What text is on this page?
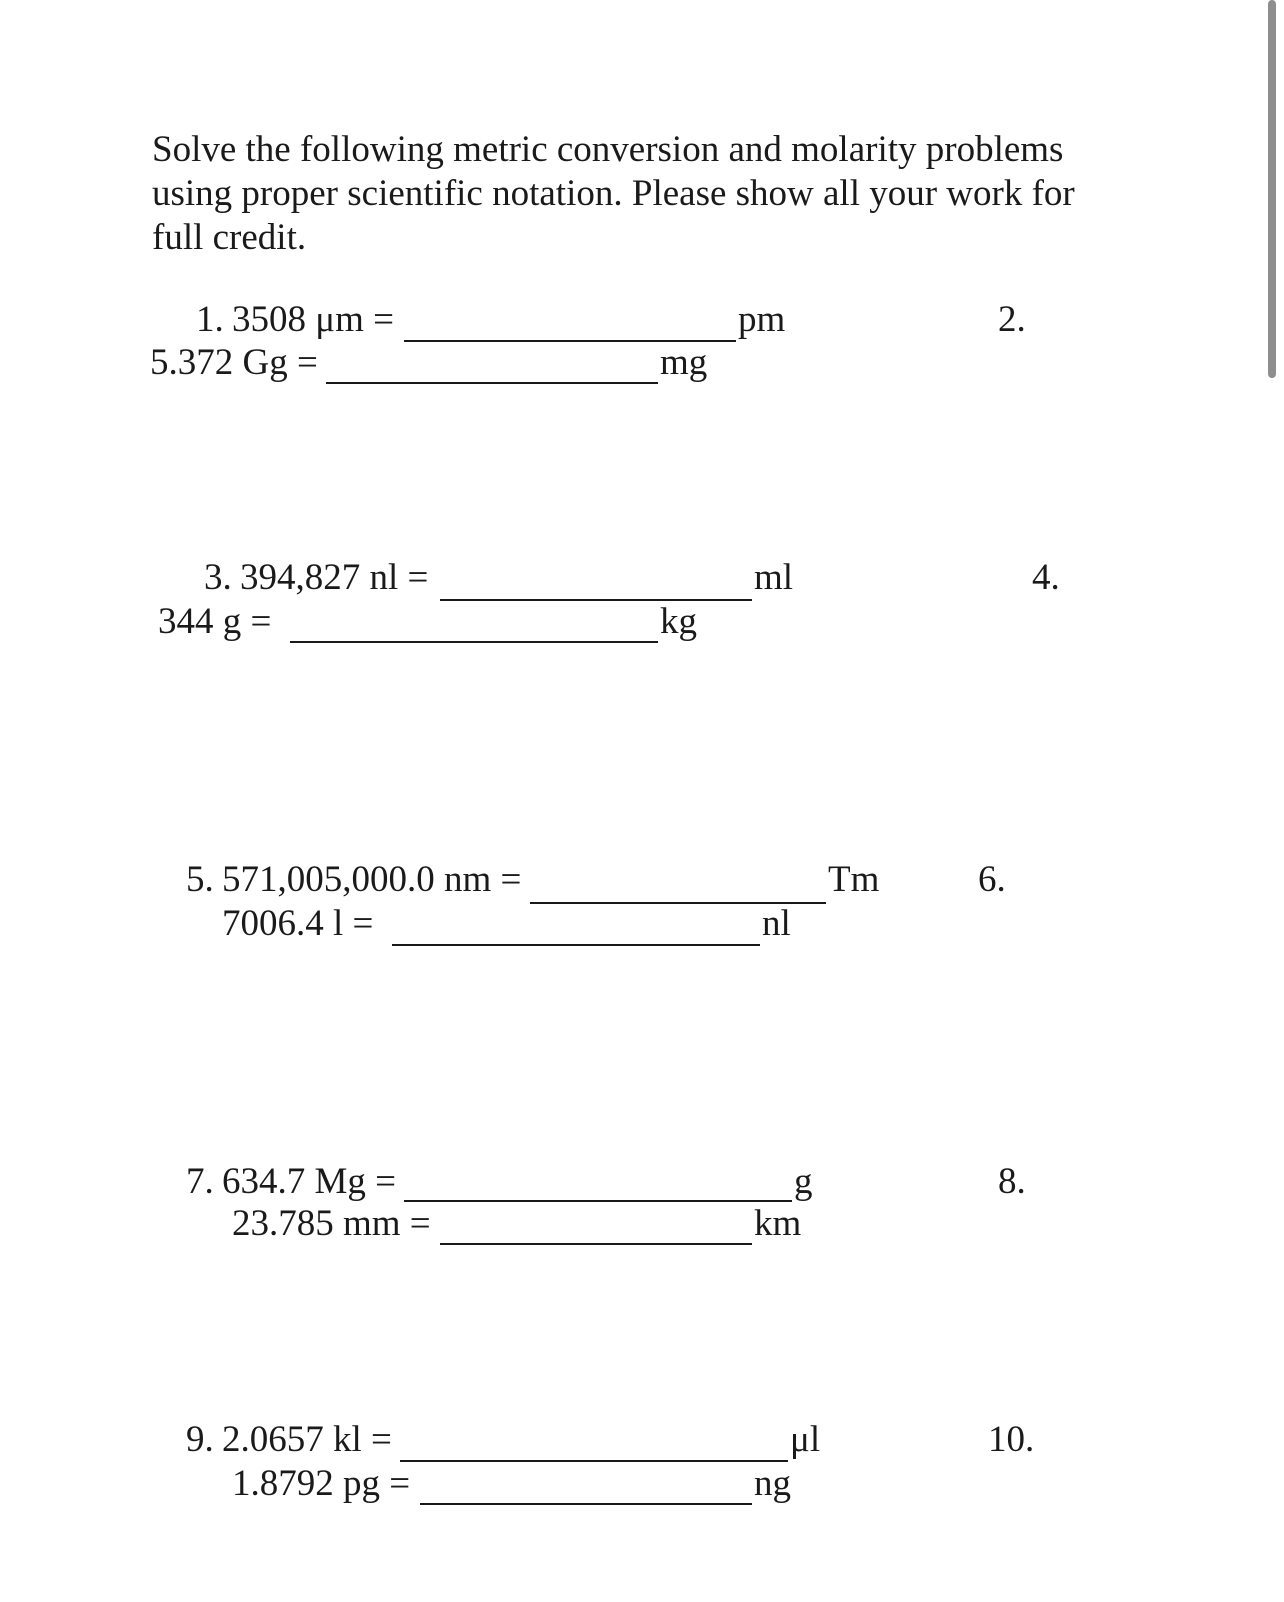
Solve the following metric conversion and molarity problems
using proper scientific notation. Please show all your work for
full credit.
1. 3508 μm =	pm	2.
5.372 Gg =	mg
3. 394,827 nl =	ml	4.
344 g =	kg
5. 571,005,000.0 nm =	Tm	6.
7006.4 l =	nl
7. 634.7 Mg =	g	8.
23.785 mm =	km
9. 2.0657 kl =	μl	10.
1.8792 pg =	ng
